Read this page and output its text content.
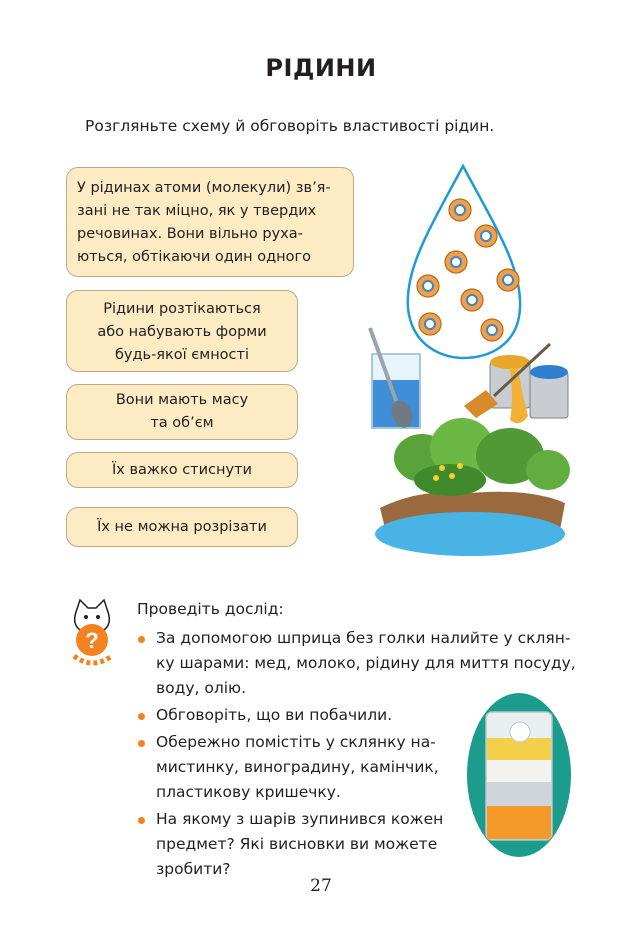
РІДИНИ
Розгляньте схему й обговоріть властивості рідин.
У рідинах атоми (молекули) зв’я-
зані не так міцно, як у твердих
речовинах. Вони вільно руха-
ються, обтікаючи один одного
Рідини розтікаються
або набувають форми
будь-якої ємності
Вони мають масу
та об’єм
Їх важко стиснути
Їх не можна розрізати
?
Проведіть дослід:
За допомогою шприца без голки налийте у склян-
ку шарами: мед, молоко, рідину для миття посуду,
воду, олію.
Обговоріть, що ви побачили.
Обережно помістіть у склянку на-
мистинку, виноградину, камінчик,
пластикову кришечку.
На якому з шарів зупинився кожен
предмет? Які висновки ви можете
зробити?
27
